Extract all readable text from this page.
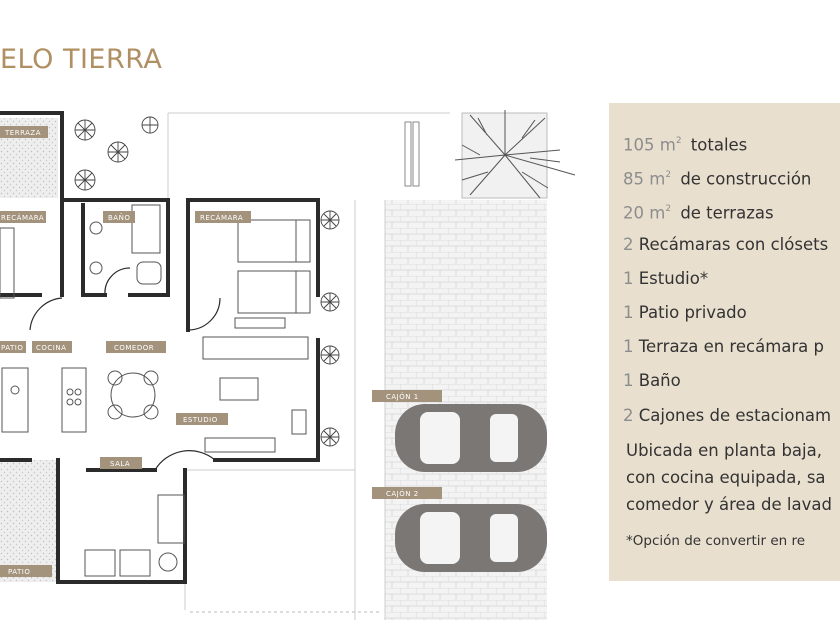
ELO TIERRA
TERRAZA
RECÁMARA	BAÑO	RECÁMARA
PATIO COCINA	COMEDOR
ESTUDIO
SALA
PATIO
CAJÓN 1
CAJÓN 2
105 $m^2$ totales
85 $m^2$ de construcción
20 $m^2$ de terrazas
2 Recámaras con clósets
1 Estudio*
1 Patio privado
1 Terraza en recámara p
1 Baño
2 Cajones de estacionam
Ubicada en planta baja,
con cocina equipada, sa
comedor y área de lavad
*Opción de convertir en re
